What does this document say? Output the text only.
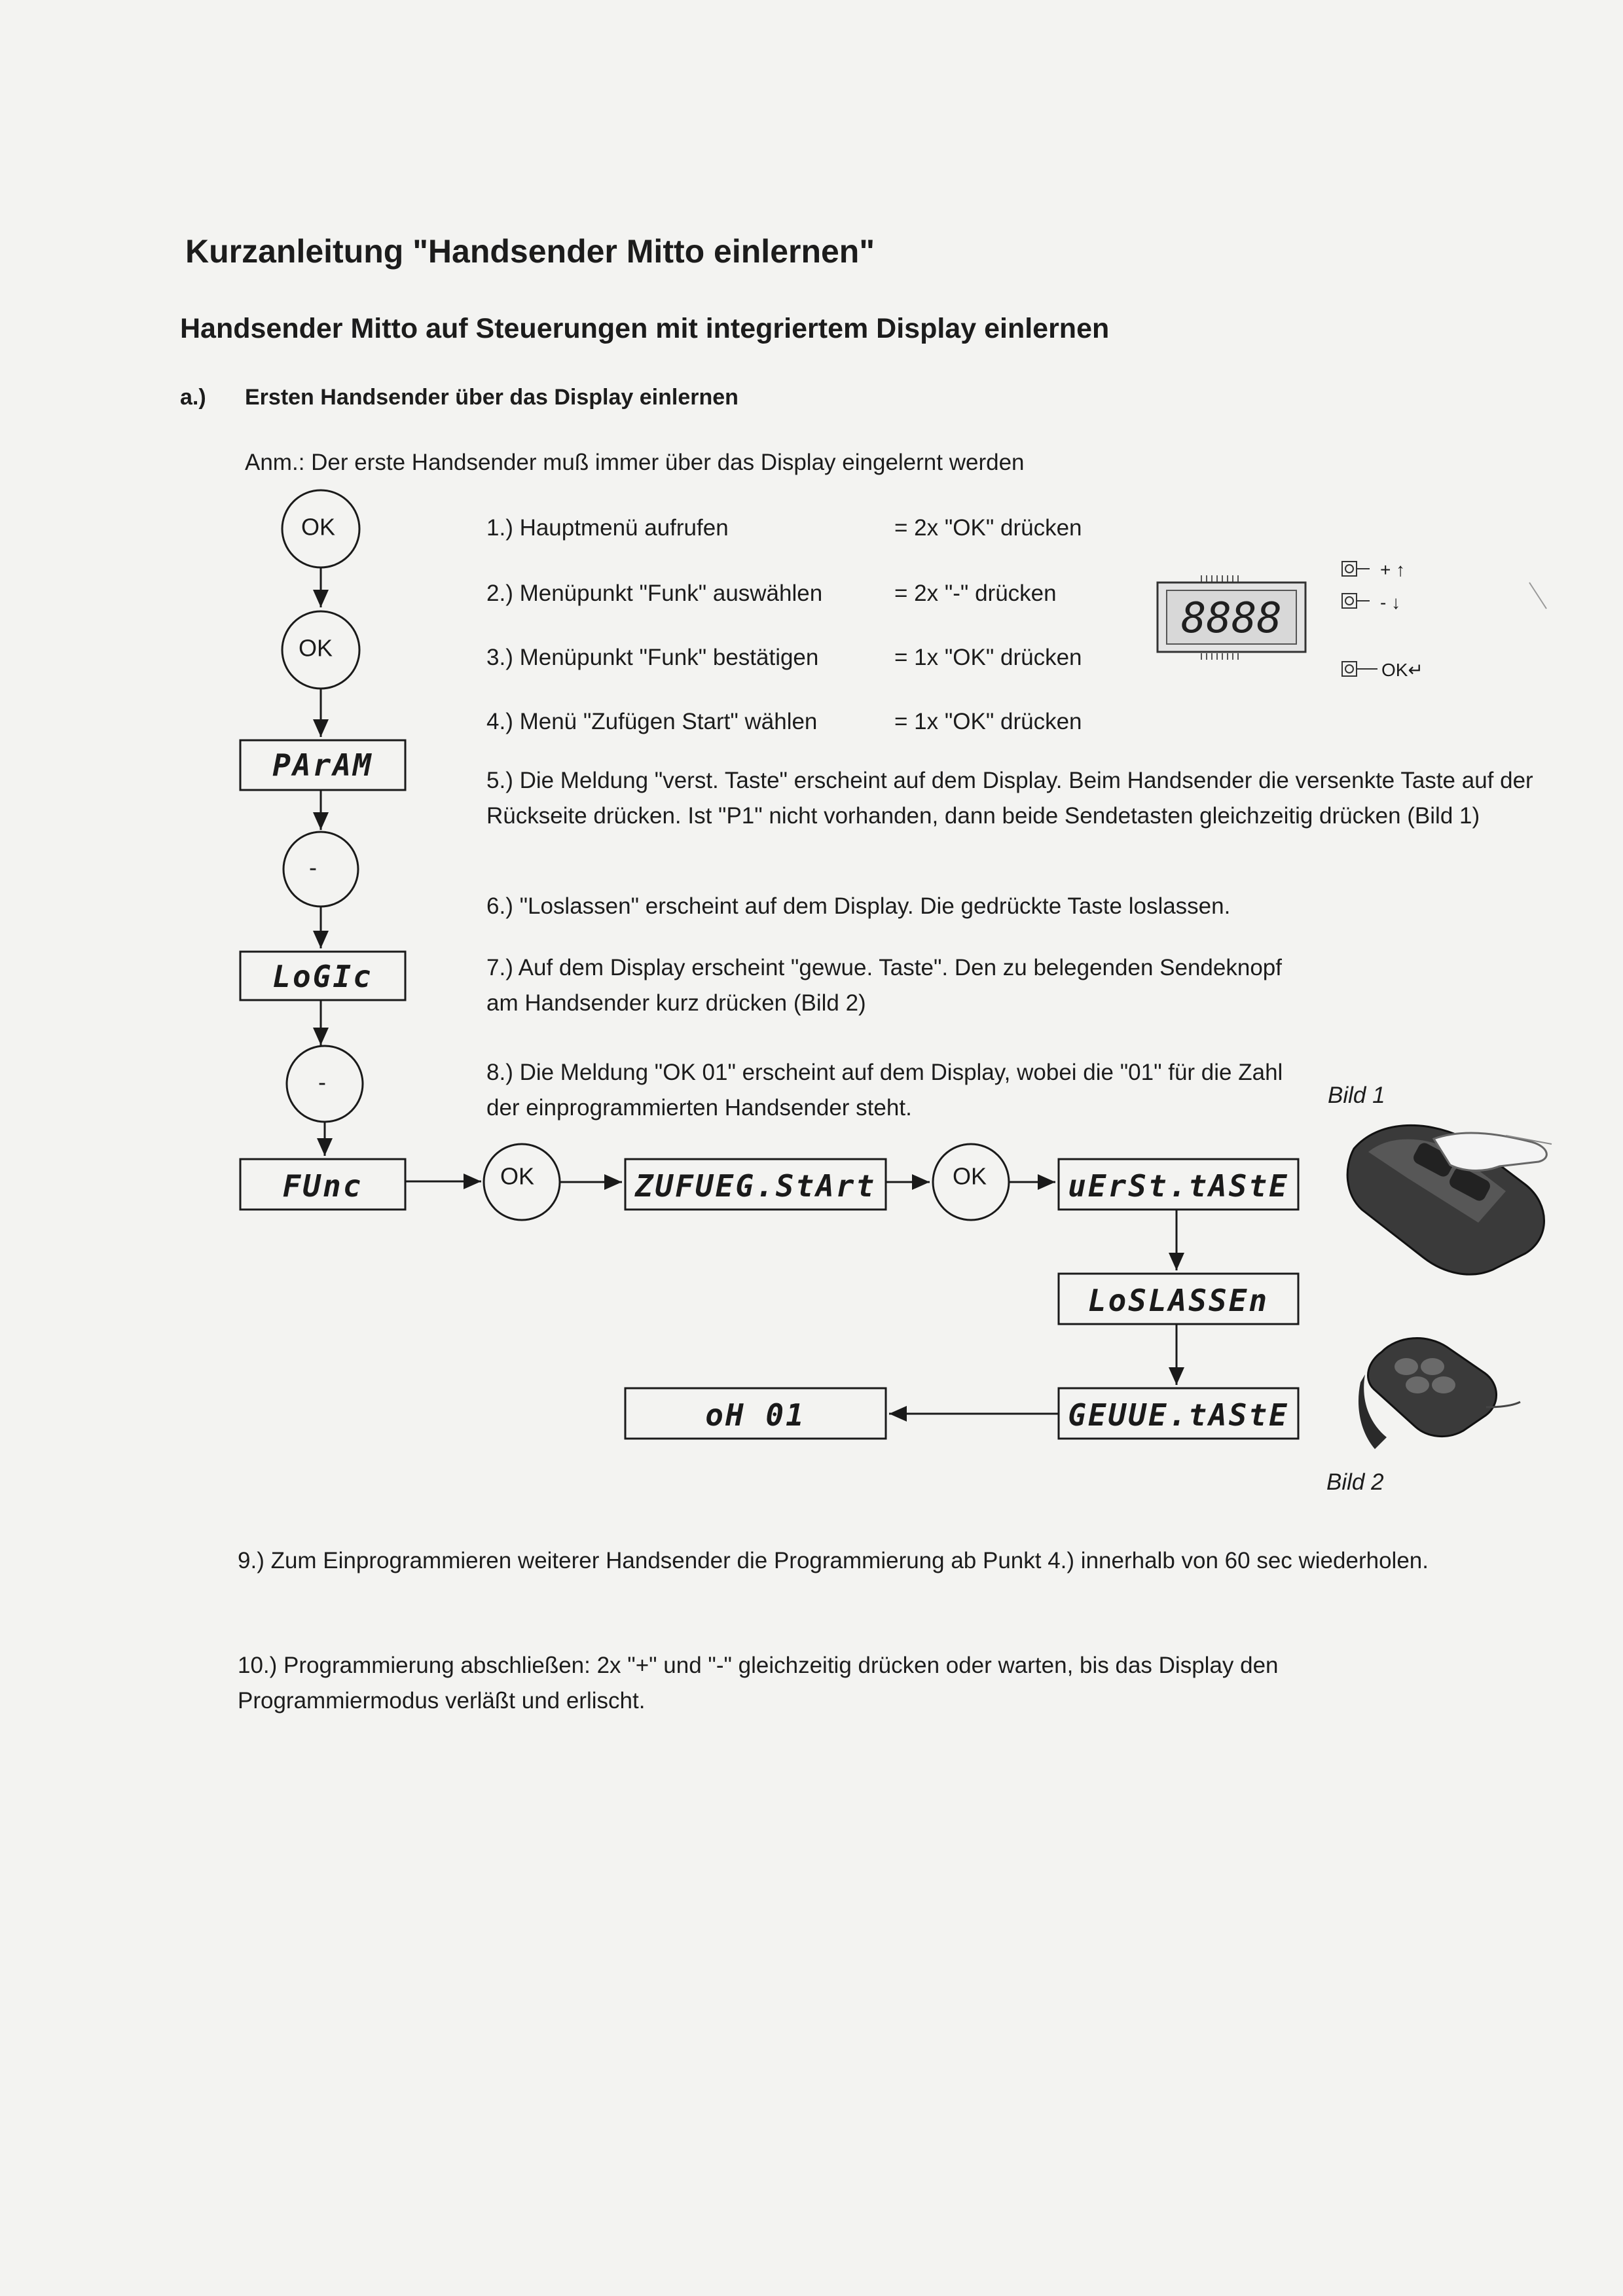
Kurzanleitung "Handsender Mitto einlernen"
Handsender Mitto auf Steuerungen mit integriertem Display einlernen
a.) Ersten Handsender über das Display einlernen
Anm.: Der erste Handsender muß immer über das Display eingelernt werden
1.) Hauptmenü aufrufen	= 2x "OK" drücken
2.) Menüpunkt "Funk" auswählen	= 2x "-" drücken
3.) Menüpunkt "Funk" bestätigen	= 1x "OK" drücken
4.) Menü "Zufügen Start" wählen	= 1x "OK" drücken
5.) Die Meldung "verst. Taste" erscheint auf dem Display. Beim Handsender die versenkte Taste auf der Rückseite drücken. Ist "P1" nicht vorhanden, dann beide Sendetasten gleichzeitig drücken (Bild 1)
6.) "Loslassen" erscheint auf dem Display. Die gedrückte Taste loslassen.
7.) Auf dem Display erscheint "gewue. Taste". Den zu belegenden Sendeknopf am Handsender kurz drücken (Bild 2)
8.) Die Meldung "OK 01" erscheint auf dem Display, wobei die "01" für die Zahl der einprogrammierten Handsender steht.
9.) Zum Einprogrammieren weiterer Handsender die Programmierung ab Punkt 4.) innerhalb von 60 sec wiederholen.
10.) Programmierung abschließen: 2x "+" und "-" gleichzeitig drücken oder warten, bis das Display den Programmiermodus verläßt und erlischt.
Bild 1
Bild 2
OK
OK
-
-
OK	OK
PArAM
LoGIc
FUnc	ZUFUEG.StArt	uErSt.tAStE
LoSLASSEn
GEUUE.tAStE
oH 01
8888
+ ↑
- ↓
OK↵
